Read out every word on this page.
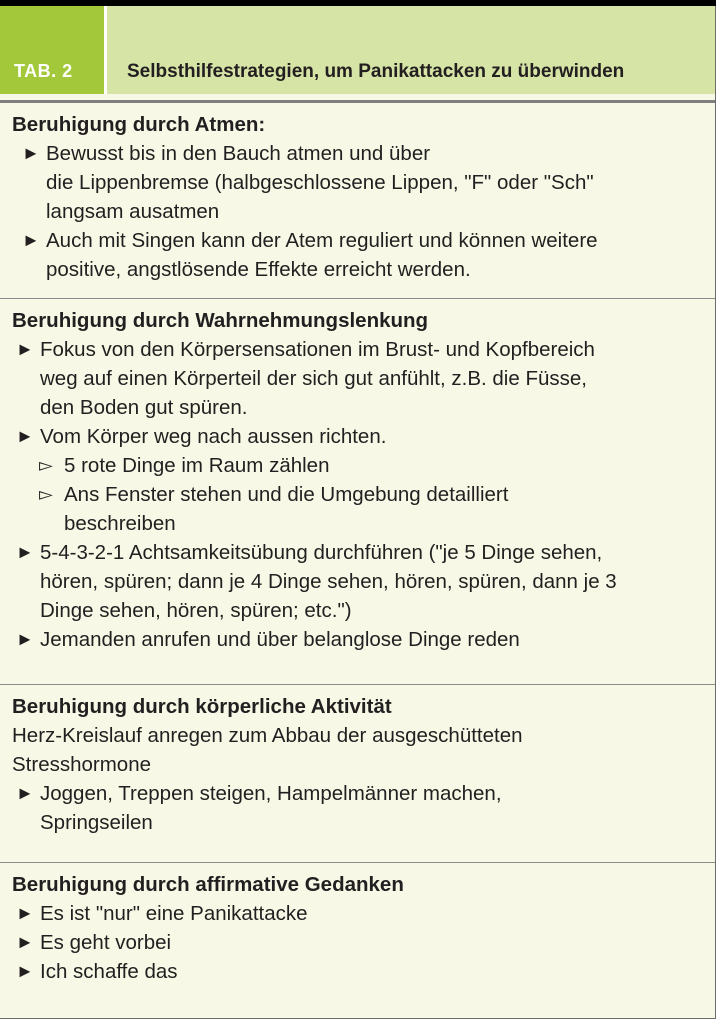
TAB. 2	Selbsthilfestrategien, um Panikattacken zu überwinden
Beruhigung durch Atmen:
► Bewusst bis in den Bauch atmen und über
die Lippenbremse (halbgeschlossene Lippen, "F" oder "Sch"
langsam ausatmen
► Auch mit Singen kann der Atem reguliert und können weitere
positive, angstlösende Effekte erreicht werden.
Beruhigung durch Wahrnehmungslenkung
► Fokus von den Körpersensationen im Brust- und Kopfbereich
weg auf einen Körperteil der sich gut anfühlt, z.B. die Füsse,
den Boden gut spüren.
► Vom Körper weg nach aussen richten.
▻ 5 rote Dinge im Raum zählen
▻ Ans Fenster stehen und die Umgebung detailliert
beschreiben
► 5-4-3-2-1 Achtsamkeitsübung durchführen ("je 5 Dinge sehen,
hören, spüren; dann je 4 Dinge sehen, hören, spüren, dann je 3
Dinge sehen, hören, spüren; etc.")
► Jemanden anrufen und über belanglose Dinge reden
Beruhigung durch körperliche Aktivität
Herz-Kreislauf anregen zum Abbau der ausgeschütteten
Stresshormone
► Joggen, Treppen steigen, Hampelmänner machen,
Springseilen
Beruhigung durch affirmative Gedanken
► Es ist "nur" eine Panikattacke
► Es geht vorbei
► Ich schaffe das
